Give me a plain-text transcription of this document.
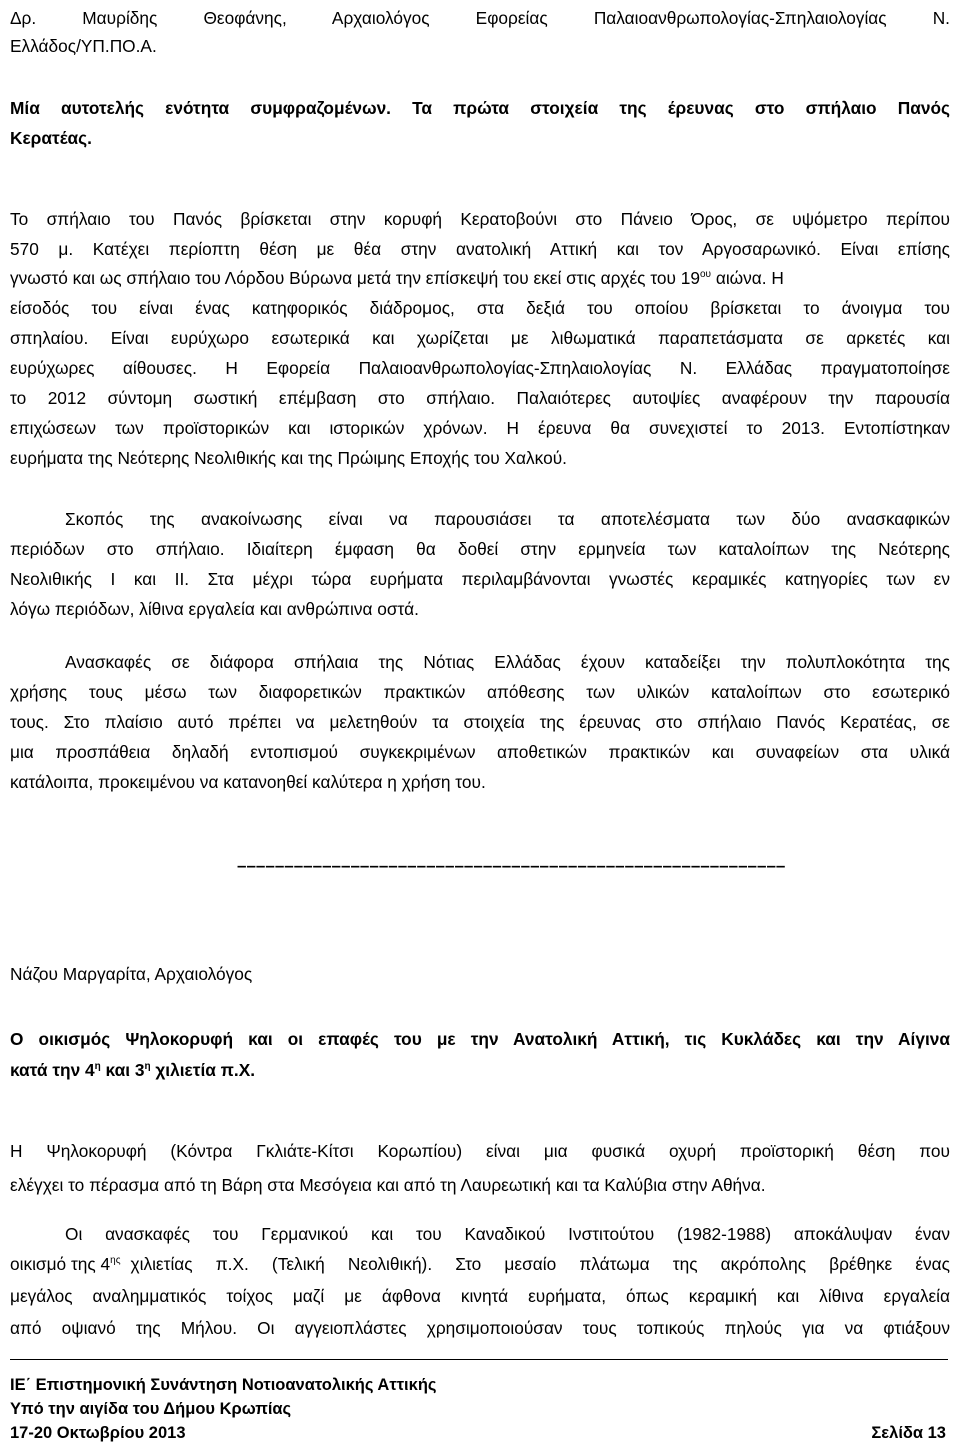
Δρ. Μαυρίδης Θεοφάνης, Αρχαιολόγος Εφορείας Παλαιοανθρωπολογίας-Σπηλαιολογίας Ν.
Ελλάδος/ΥΠ.ΠΟ.Α.
Μία αυτοτελής ενότητα συμφραζομένων. Τα πρώτα στοιχεία της έρευνας στο σπήλαιο Πανός
Κερατέας.
Το σπήλαιο του Πανός βρίσκεται στην κορυφή Κερατοβούνι στο Πάνειο Όρος, σε υψόμετρο περίπου
570 μ. Κατέχει περίοπτη θέση με θέα στην ανατολική Αττική και τον Αργοσαρωνικό. Είναι επίσης
γνωστό και ως σπήλαιο του Λόρδου Βύρωνα μετά την επίσκεψή του εκεί στις αρχές του $19^{o\upsilon}$ αιώνα. Η
είσοδός του είναι ένας κατηφορικός διάδρομος, στα δεξιά του οποίου βρίσκεται το άνοιγμα του
σπηλαίου. Είναι ευρύχωρο εσωτερικά και χωρίζεται με λιθωματικά παραπετάσματα σε αρκετές και
ευρύχωρες αίθουσες. Η Εφορεία Παλαιοανθρωπολογίας-Σπηλαιολογίας Ν. Ελλάδας πραγματοποίησε
το 2012 σύντομη σωστική επέμβαση στο σπήλαιο. Παλαιότερες αυτοψίες αναφέρουν την παρουσία
επιχώσεων των προϊστορικών και ιστορικών χρόνων. Η έρευνα θα συνεχιστεί το 2013. Εντοπίστηκαν
ευρήματα της Νεότερης Νεολιθικής και της Πρώιμης Εποχής του Χαλκού.
Σκοπός της ανακοίνωσης είναι να παρουσιάσει τα αποτελέσματα των δύο ανασκαφικών
περιόδων στο σπήλαιο. Ιδιαίτερη έμφαση θα δοθεί στην ερμηνεία των καταλοίπων της Νεότερης
Νεολιθικής Ι και ΙΙ. Στα μέχρι τώρα ευρήματα περιλαμβάνονται γνωστές κεραμικές κατηγορίες των εν
λόγω περιόδων, λίθινα εργαλεία και ανθρώπινα οστά.
Ανασκαφές σε διάφορα σπήλαια της Νότιας Ελλάδας έχουν καταδείξει την πολυπλοκότητα της
χρήσης τους μέσω των διαφορετικών πρακτικών απόθεσης των υλικών καταλοίπων στο εσωτερικό
τους. Στο πλαίσιο αυτό πρέπει να μελετηθούν τα στοιχεία της έρευνας στο σπήλαιο Πανός Κερατέας, σε
μια προσπάθεια δηλαδή εντοπισμού συγκεκριμένων αποθετικών πρακτικών και συναφείων στα υλικά
κατάλοιπα, προκειμένου να κατανοηθεί καλύτερα η χρήση του.
––––––––––––––––––––––––––––––––––––––––––––––––––––––––––
Νάζου Μαργαρίτα, Αρχαιολόγος
Ο οικισμός Ψηλοκορυφή και οι επαφές του με την Ανατολική Αττική, τις Κυκλάδες και την Αίγινα
κατά την $4^\eta$ και $3^\eta$ χιλιετία π.Χ.
Η Ψηλοκορυφή (Κόντρα Γκλιάτε-Κίτσι Κορωπίου) είναι μια φυσικά οχυρή προϊστορική θέση που
ελέγχει το πέρασμα από τη Βάρη στα Μεσόγεια και από τη Λαυρεωτική και τα Καλύβια στην Αθήνα.
Οι ανασκαφές του Γερμανικού και του Καναδικού Ινστιτούτου (1982-1988) αποκάλυψαν έναν
οικισμό της $4^{\eta\varsigma}$ χιλιετίας π.Χ. (Τελική Νεολιθική). Στο μεσαίο πλάτωμα της ακρόπολης βρέθηκε ένας
μεγάλος αναλημματικός τοίχος μαζί με άφθονα κινητά ευρήματα, όπως κεραμική και λίθινα εργαλεία
από οψιανό της Μήλου. Οι αγγειοπλάστες χρησιμοποιούσαν τους τοπικούς πηλούς για να φτιάξουν
ΙΕ΄ Επιστημονική Συνάντηση Νοτιοανατολικής Αττικής
Υπό την αιγίδα του Δήμου Κρωπίας
17-20 Οκτωβρίου 2013	Σελίδα 13
